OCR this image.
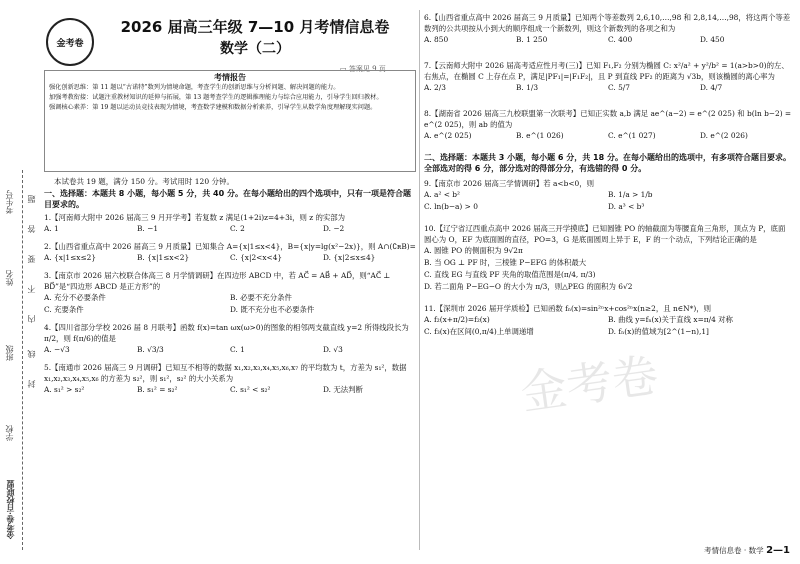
考生号
姓名
班级
学校
金考卷·百校联盟
题
答
要
不
内
线
封
金考卷
2026 届高三年级 7—10 月考情信息卷
数学（二）
▭ 答案见 9 页
考情报告

强化创新思维：第 11 题以“古诺特”数列为情境命题，考查学生的创新思维与分析问题、解决问题的能力。

加强考教衔接：试题注重教材知识的延伸与拓展，第 13 题考查学生的逻辑推理能力与综合应用能力，引导学生回归教材。

强调核心素养：第 19 题以运动员竞技表现为情境，考查数学建模和数据分析素养，引导学生从数学角度理解现实问题。

本试卷共 19 题，满分 150 分。考试用时 120 分钟。
一、选择题：本题共 8 小题，每小题 5 分，共 40 分。在每小题给出的四个选项中，只有一项是符合题目要求的。

1.【河南师大附中 2026 届高三 9 月开学考】若复数 z 满足(1+2i)z=4+3i，则 z 的实部为

A. 1	B. −1	C. 2	D. −2

2.【山西省重点高中 2026 届高三 9 月质量】已知集合 A={x|1≤x<4}，B={x|y=lg(x²−2x)}，则 A∩(∁ʀB)=

A. {x|1≤x≤2}	B. {x|1≤x<2}	C. {x|2<x<4}	D. {x|2≤x≤4}

3.【南京市 2026 届六校联合体高三 8 月学情调研】在四边形 ABCD 中，若 AC⃗ = AB⃗ + AD⃗，则“AC⃗ ⊥ BD⃗”是“四边形 ABCD 是正方形”的

A. 充分不必要条件	B. 必要不充分条件
C. 充要条件	D. 既不充分也不必要条件

4.【四川省部分学校 2026 届 8 月联考】函数 f(x)=tan ωx(ω>0)的图象的相邻两支截直线 y=2 所得线段长为 π/2，则 f(π/6)的值是

A. −√3	B. √3/3	C. 1	D. √3

5.【南通市 2026 届高三 9 月调研】已知互不相等的数据 x₁,x₂,x₃,x₄,x₅,x₆,x₇ 的平均数为 t，方差为 s₁²，数据 x₁,x₂,x₃,x₄,x₅,x₆ 的方差为 s₂²，则 s₁²，s₂² 的大小关系为

A. s₁² > s₂²	B. s₁² = s₂²	C. s₁² < s₂²	D. 无法判断

6.【山西省重点高中 2026 届高三 9 月质量】已知两个等差数列 2,6,10,…,98 和 2,8,14,…,98，将这两个等差数列的公共项按从小到大的顺序组成一个新数列，则这个新数列的各项之和为

A. 850	B. 1 250	C. 400	D. 450

7.【云南师大附中 2026 届高考适应性月考(三)】已知 F₁,F₂ 分别为椭圆 C: x²/a² + y²/b² = 1(a>b>0)的左、右焦点，在椭圆 C 上存在点 P，满足|PF₁|=|F₁F₂|，且 P 到直线 PF₂ 的距离为 √3b，则该椭圆的离心率为

A. 2/3	B. 1/3	C. 5/7	D. 4/7

8.【湖南省 2026 届高三九校联盟第一次联考】已知正实数 a,b 满足 ae^(a−2) = e^(2 025) 和 b(ln b−2) = e^(2 025)，则 ab 的值为

A. e^(2 025)	B. e^(1 026)	C. e^(1 027)	D. e^(2 026)
二、选择题：本题共 3 小题，每小题 6 分，共 18 分。在每小题给出的选项中，有多项符合题目要求。全部选对的得 6 分，部分选对的得部分分，有选错的得 0 分。

9.【南京市 2026 届高三学情调研】若 a<b<0，则

A. a² < b²	B. 1/a > 1/b
C. ln(b−a) > 0	D. a³ < b³

10.【辽宁省辽西重点高中 2026 届高三开学摸底】已知圆锥 PO 的轴截面为等腰直角三角形，顶点为 P，底面圆心为 O，EF 为底面圆的直径，PO=3，G 是底面圆周上异于 E，F 的一个动点，下列结论正确的是

A. 圆锥 PO 的侧面积为 9√2π
B. 当 OG ⊥ PF 时，三棱锥 P−EFG 的体积最大
C. 直线 EG 与直线 PF 夹角的取值范围是(π/4, π/3)
D. 若二面角 P−EG−O 的大小为 π/3，则△PEG 的面积为 6√2

11.【深圳市 2026 届开学质检】已知函数 fₙ(x)=sin²ⁿx+cos²ⁿx(n≥2，且 n∈N*)，则

A. f₂(x+π/2)=f₂(x)	B. 曲线 y=fₙ(x)关于直线 x=π/4 对称
C. f₃(x)在区间(0,π/4)上单调递增	D. fₙ(x)的值域为[2^(1−n),1]
金考卷
考情信息卷 · 数学 2—1
